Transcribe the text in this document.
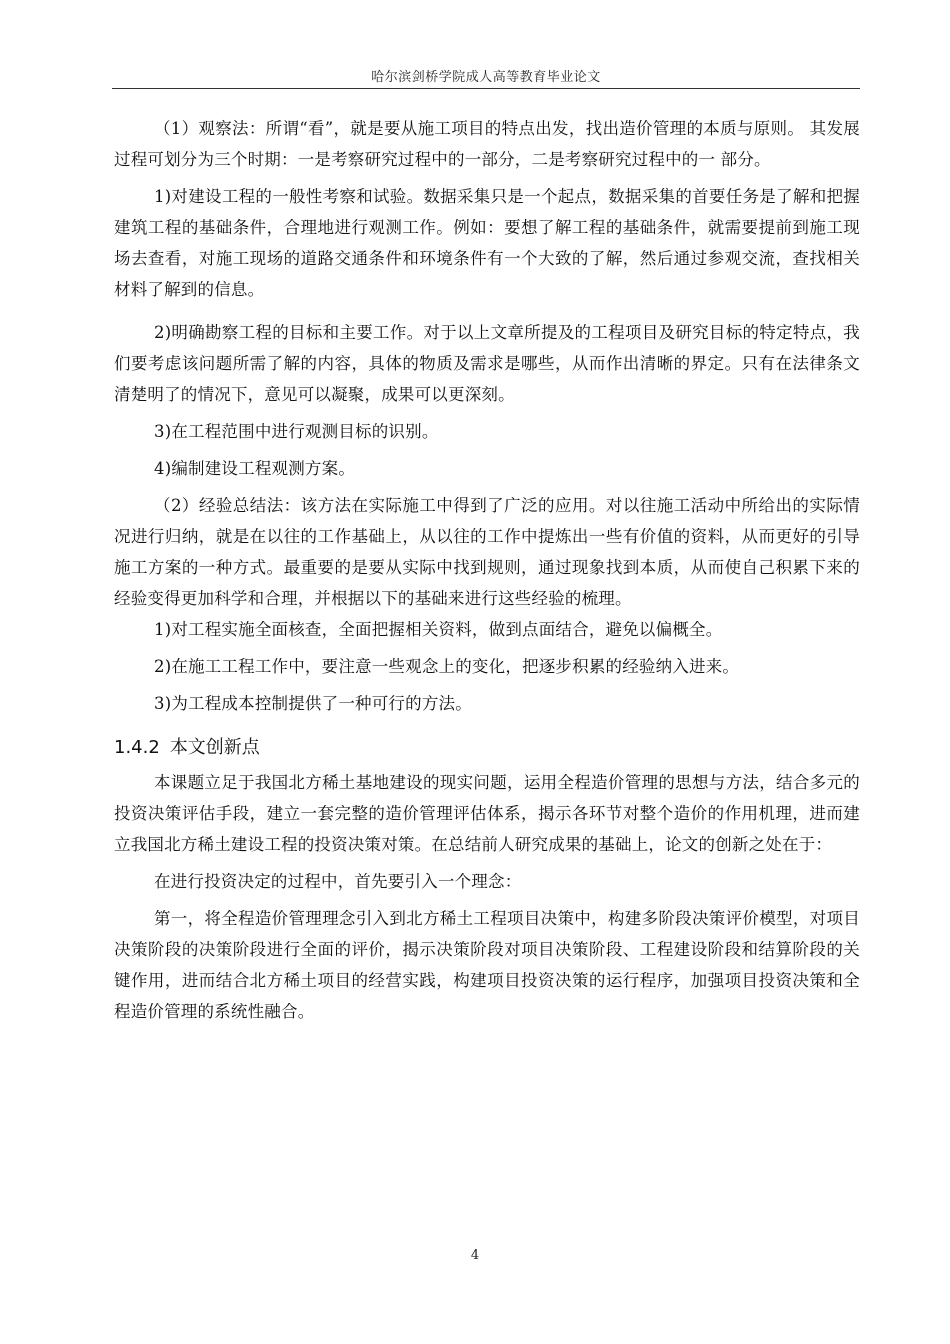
哈尔滨剑桥学院成人高等教育毕业论文

（1）观察法：所谓“看”，就是要从施工项目的特点出发，找出造价管理的本质与原则。 其发展过程可划分为三个时期：一是考察研究过程中的一部分，二是考察研究过程中的一 部分。

1)对建设工程的一般性考察和试验。数据采集只是一个起点，数据采集的首要任务是了解和把握建筑工程的基础条件，合理地进行观测工作。例如：要想了解工程的基础条件，就需要提前到施工现场去查看，对施工现场的道路交通条件和环境条件有一个大致的了解，然后通过参观交流，查找相关材料了解到的信息。

2)明确勘察工程的目标和主要工作。对于以上文章所提及的工程项目及研究目标的特定特点，我们要考虑该问题所需了解的内容，具体的物质及需求是哪些，从而作出清晰的界定。只有在法律条文清楚明了的情况下，意见可以凝聚，成果可以更深刻。

3)在工程范围中进行观测目标的识别。

4)编制建设工程观测方案。

（2）经验总结法：该方法在实际施工中得到了广泛的应用。对以往施工活动中所给出的实际情况进行归纳，就是在以往的工作基础上，从以往的工作中提炼出一些有价值的资料，从而更好的引导施工方案的一种方式。最重要的是要从实际中找到规则，通过现象找到本质，从而使自己积累下来的经验变得更加科学和合理，并根据以下的基础来进行这些经验的梳理。

1)对工程实施全面核查，全面把握相关资料，做到点面结合，避免以偏概全。

2)在施工工程工作中，要注意一些观念上的变化，把逐步积累的经验纳入进来。

3)为工程成本控制提供了一种可行的方法。

1.4.2 本文创新点

本课题立足于我国北方稀土基地建设的现实问题，运用全程造价管理的思想与方法，结合多元的投资决策评估手段，建立一套完整的造价管理评估体系，揭示各环节对整个造价的作用机理，进而建立我国北方稀土建设工程的投资决策对策。在总结前人研究成果的基础上，论文的创新之处在于：

在进行投资决定的过程中，首先要引入一个理念：

第一，将全程造价管理理念引入到北方稀土工程项目决策中，构建多阶段决策评价模型，对项目决策阶段的决策阶段进行全面的评价，揭示决策阶段对项目决策阶段、工程建设阶段和结算阶段的关键作用，进而结合北方稀土项目的经营实践，构建项目投资决策的运行程序，加强项目投资决策和全程造价管理的系统性融合。

4
